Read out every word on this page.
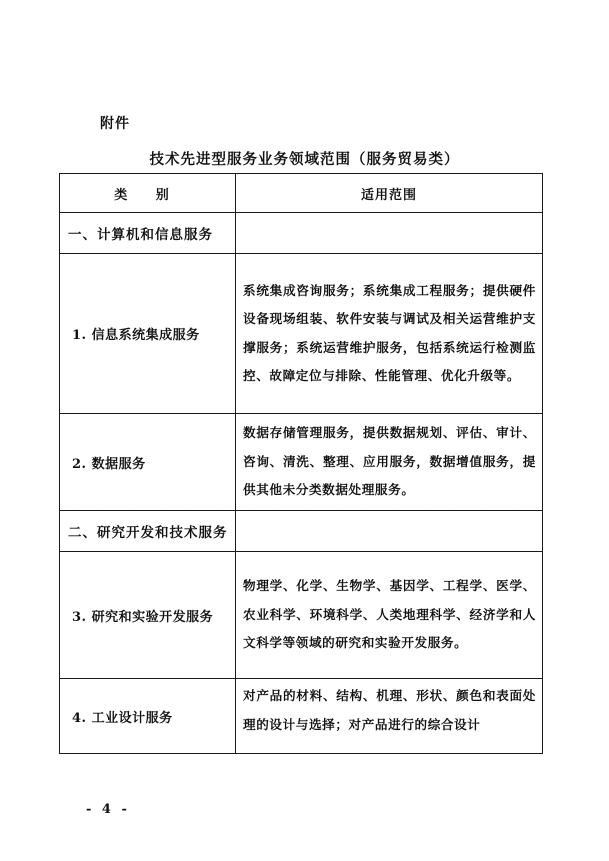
附件
技术先进型服务业务领域范围（服务贸易类）
类 别	适用范围
一、计算机和信息服务	
1. 信息系统集成服务	系统集成咨询服务；系统集成工程服务；提供硬件设备现场组装、软件安装与调试及相关运营维护支撑服务；系统运营维护服务，包括系统运行检测监控、故障定位与排除、性能管理、优化升级等。
2. 数据服务	数据存储管理服务，提供数据规划、评估、审计、咨询、清洗、整理、应用服务，数据增值服务，提供其他未分类数据处理服务。
二、研究开发和技术服务	
3. 研究和实验开发服务	物理学、化学、生物学、基因学、工程学、医学、农业科学、环境科学、人类地理科学、经济学和人文科学等领域的研究和实验开发服务。
4. 工业设计服务	对产品的材料、结构、机理、形状、颜色和表面处理的设计与选择；对产品进行的综合设计
- 4 -
